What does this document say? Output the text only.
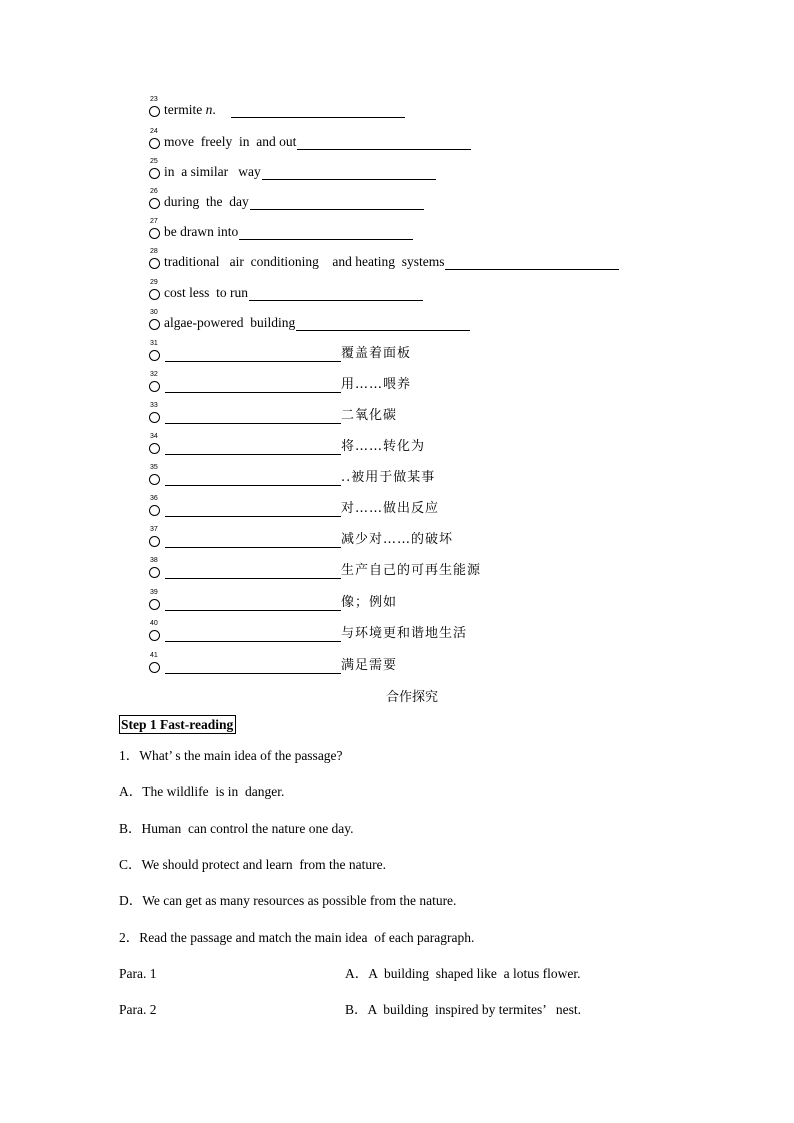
23
termite n.
24
move  freely  in  and out
25
in  a similar   way
26
during  the  day
27
be drawn into
28
traditional   air  conditioning    and heating  systems
29
cost less  to run
30
algae-powered  building
31
覆盖着面板
32
用……喂养
33
二氧化碳
34
将……转化为
35
..被用于做某事
36
对……做出反应
37
减少对……的破坏
38
生产自己的可再生能源
39
像；例如
40
与环境更和谐地生活
41
满足需要
合作探究
Step 1 Fast-reading
1．What’ s the main idea of the passage?
A．The wildlife  is in  danger.
B．Human  can control the nature one day.
C．We should protect and learn  from the nature.
D．We can get as many resources as possible from the nature.
2．Read the passage and match the main idea  of each paragraph.
Para. 1	A．A  building  shaped like  a lotus flower.
Para. 2	B．A  building  inspired by termites’   nest.
